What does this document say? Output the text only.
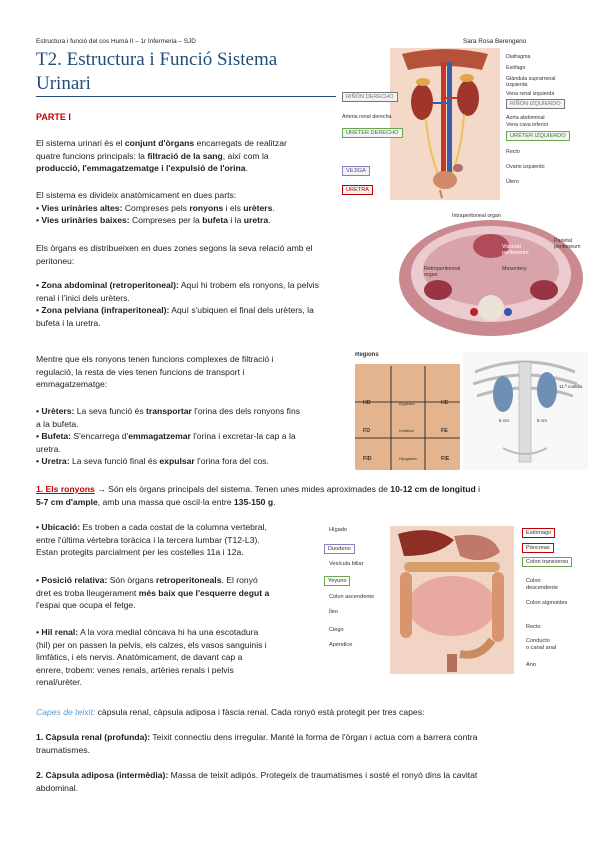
Estructura i funció del cos Humà II – 1r Infermeria – SJD	Sara Rosa Berengeno
T2. Estructura i Funció Sistema
Urinari
PARTE I
El sistema urinari és el conjunt d'òrgans encarregats de realitzar
quatre funcions principals: la filtració de la sang, així com la
producció, l'emmagatzematge i l'expulsió de l'orina.
El sistema es divideix anatòmicament en dues parts:
• Vies urinàries altes: Compreses pels ronyons i els urèters.
• Vies urinàries baixes: Compreses per la bufeta i la uretra.
Els òrgans es distribueixen en dues zones segons la seva relació amb el
peritoneu:
• Zona abdominal (retroperitoneal): Aquí hi trobem els ronyons, la pelvis
renal i l'inici dels urèters.
• Zona pelviana (infraperitoneal): Aquí s'ubiquen el final dels urèters, la
bufeta i la uretra.
Mentre que els ronyons tenen funcions complexes de filtració i
regulació, la resta de vies tenen funcions de transport i
emmagatzematge:
• Urèters: La seva funció és transportar l'orina des dels ronyons fins
a la bufeta.
• Bufeta: S'encarrega d'emmagatzemar l'orina i excretar-la cap a la
uretra.
• Uretra: La seva funció final és expulsar l'orina fora del cos.
1. Els ronyons → Són els òrgans principals del sistema. Tenen unes mides aproximades de 10-12 cm de longitud i
5-7 cm d'ample, amb una massa que oscil·la entre 135-150 g.
• Ubicació: Es troben a cada costat de la columna vertebral,
entre l'última vèrtebra toràcica i la tercera lumbar (T12-L3).
Estan protegits parcialment per les costelles 11a i 12a.
• Posició relativa: Són òrgans retroperitoneals. El ronyó
dret es troba lleugerament més baix que l'esquerre degut a
l'espai que ocupa el fetge.
• Hil renal: A la vora medial còncava hi ha una escotadura
(hil) per on passen la pelvis, els calzes, els vasos sanguinis i
limfàtics, i els nervis. Anatòmicament, de davant cap a
enrere, trobem: venes renals, artèries renals i pelvis
renal/urèter.
Capes de teixit: càpsula renal, càpsula adiposa i fàscia renal. Cada ronyó està protegit per tres capes:
1. Càpsula renal (profunda): Teixit connectiu dens irregular. Manté la forma de l'òrgan i actua com a barrera contra
traumatismes.
2. Càpsula adiposa (intermèdia): Massa de teixit adipós. Protegeix de traumatismes i sosté el ronyó dins la cavitat
abdominal.
RIÑÓN DERECHO
Arteria renal derecha
URÉTER DERECHO
VEJIGA
URETRA
Diafragma
Esófago
Glándula suprarrenal
izquierda
Vena renal izquierda
RIÑÓN IZQUIERDO
Aorta abdominal
Vena cava inferior
URÉTER IZQUIERDO
Recto
Ovario izquierdo
Útero
Intraperitoneal organ
Parietal
peritoneum
Visceral
peritoneum
Retroperitoneal
organ
Mesentery
Regions
HD	Epigàstric	HE
FD	Umbilical	FE
FID	Hipogàstric	FIE
11.ª costilla
5 cm	5 cm
Hígado
Duodeno
Vesícula biliar
Yeyuno
Colon ascendente
Íleo
Ciego
Apéndice
Estómago
Páncreas
Colon transverso
Colon
descendente
Colon sigmoides
Recto
Conducto
o canal anal
Ano
